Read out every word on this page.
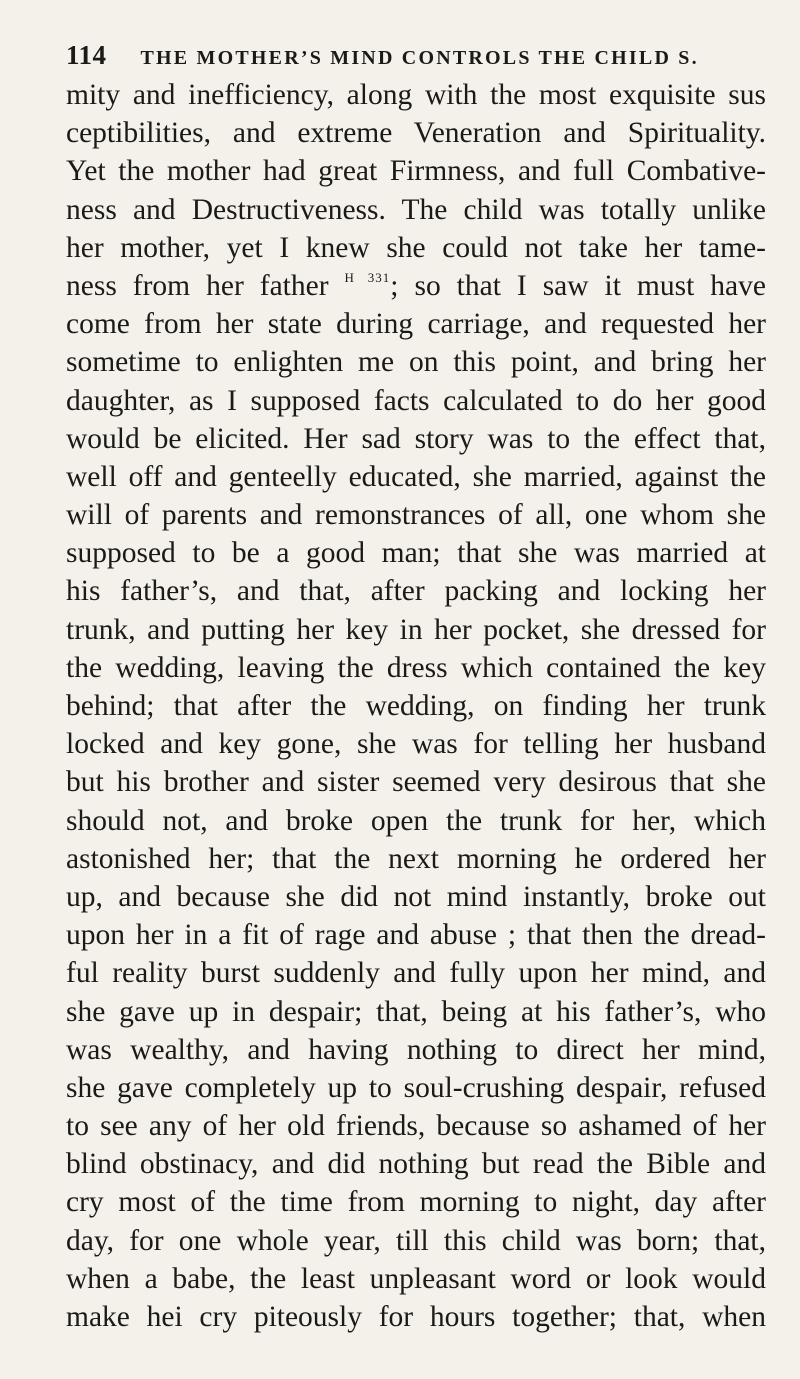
114 THE MOTHER’S MIND CONTROLS THE CHILD S.
mity and inefficiency, along with the most exquisite sus
ceptibilities, and extreme Veneration and Spirituality.
Yet the mother had great Firmness, and full Combative-
ness and Destructiveness. The child was totally unlike
her mother, yet I knew she could not take her tame-
ness from her father $^{H 331}$; so that I saw it must have
come from her state during carriage, and requested her
sometime to enlighten me on this point, and bring her
daughter, as I supposed facts calculated to do her good
would be elicited. Her sad story was to the effect that,
well off and genteelly educated, she married, against the
will of parents and remonstrances of all, one whom she
supposed to be a good man; that she was married at
his father’s, and that, after packing and locking her
trunk, and putting her key in her pocket, she dressed for
the wedding, leaving the dress which contained the key
behind; that after the wedding, on finding her trunk
locked and key gone, she was for telling her husband
but his brother and sister seemed very desirous that she
should not, and broke open the trunk for her, which
astonished her; that the next morning he ordered her
up, and because she did not mind instantly, broke out
upon her in a fit of rage and abuse ; that then the dread-
ful reality burst suddenly and fully upon her mind, and
she gave up in despair; that, being at his father’s, who
was wealthy, and having nothing to direct her mind,
she gave completely up to soul-crushing despair, refused
to see any of her old friends, because so ashamed of her
blind obstinacy, and did nothing but read the Bible and
cry most of the time from morning to night, day after
day, for one whole year, till this child was born; that,
when a babe, the least unpleasant word or look would
make hei cry piteously for hours together; that, when
